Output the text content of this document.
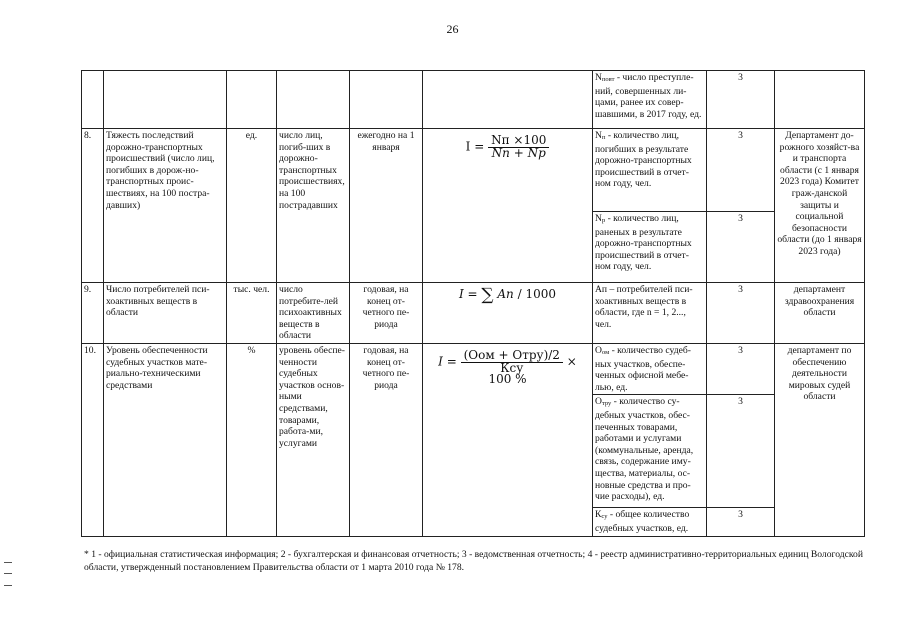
26
						$N_{повт}$ - число преступле-ний, совершенных ли-цами, ранее их совер-шавшими, в 2017 году, ед.	3	
8.	Тяжесть последствий дорожно-транспортных происшествий (число лиц, погибших в дорож-но-транспортных проис-шествиях, на 100 постра-давших)	ед.	число лиц, погиб-ших в дорожно-транспортных происшествиях, на 100 пострадавших	ежегодно на 1 января	$I = \frac{Nп \times 100}{Nп + Nр}$	$N_п$ - количество лиц, погибших в результате дорожно-транспортных происшествий в отчет-ном году, чел.	3	Департамент до-рожного хозяйст-ва и транспорта области (с 1 января 2023 года) Комитет граж-данской защиты и социальной безопасности области (до 1 января 2023 года)
						$N_р$ - количество лиц, раненых в результате дорожно-транспортных происшествий в отчет-ном году, чел.	3	
9.	Число потребителей пси-хоактивных веществ в области	тыс. чел.	число потребите-лей психоактивных веществ в области	годовая, на конец от-четного пе-риода	I = ∑ Aп / 1000	Ап – потребителей пси-хоактивных веществ в области, где n = 1, 2..., чел.	3	департамент здравоохранения области
10.	Уровень обеспеченности судебных участков мате-риально-техническими средствами	%	уровень обеспе-ченности судебных участков основ-ными средствами, товарами, работа-ми, услугами	годовая, на конец от-четного пе-риода	$I = \frac{\text{(Оом + Отру)/2}}{\text{Ксу}} \times 100$ %	$О_{ом}$ - количество судеб-ных участков, обеспе-ченных офисной мебе-лью, ед.	3	департамент по обеспечению деятельности мировых судей области
						$О_{тру}$ - количество су-дебных участков, обес-печенных товарами, работами и услугами (коммунальные, аренда, связь, содержание иму-щества, материалы, ос-новные средства и про-чие расходы), ед.	3	
						$К_{су}$ - общее количество судебных участков, ед.	3	
* 1 - официальная статистическая информация; 2 - бухгалтерская и финансовая отчетность; 3 - ведомственная отчетность; 4 - реестр административно-территориальных единиц Вологодской области, утвержденный постановлением Правительства области от 1 марта 2010 года № 178.
